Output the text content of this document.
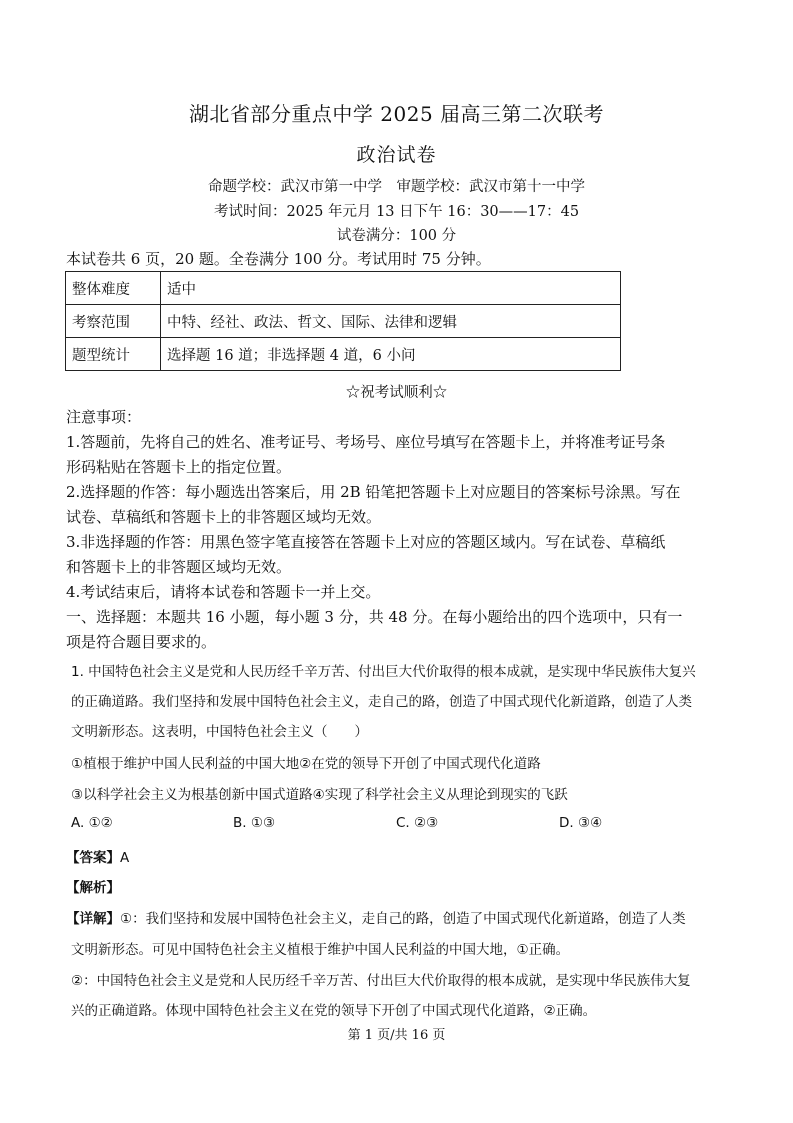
湖北省部分重点中学 2025 届高三第二次联考
政治试卷
命题学校：武汉市第一中学　审题学校：武汉市第十一中学
考试时间：2025 年元月 13 日下午 16：30——17：45
试卷满分：100 分
本试卷共 6 页，20 题。全卷满分 100 分。考试用时 75 分钟。
整体难度	适中
考察范围	中特、经社、政法、哲文、国际、法律和逻辑
题型统计	选择题 16 道；非选择题 4 道，6 小问
☆祝考试顺利☆
注意事项：
1.答题前，先将自己的姓名、准考证号、考场号、座位号填写在答题卡上，并将准考证号条
形码粘贴在答题卡上的指定位置。
2.选择题的作答：每小题选出答案后，用 2B 铅笔把答题卡上对应题目的答案标号涂黑。写在
试卷、草稿纸和答题卡上的非答题区域均无效。
3.非选择题的作答：用黑色签字笔直接答在答题卡上对应的答题区域内。写在试卷、草稿纸
和答题卡上的非答题区域均无效。
4.考试结束后，请将本试卷和答题卡一并上交。
一、选择题：本题共 16 小题，每小题 3 分，共 48 分。在每小题给出的四个选项中，只有一
项是符合题目要求的。
1. 中国特色社会主义是党和人民历经千辛万苦、付出巨大代价取得的根本成就，是实现中华民族伟大复兴
的正确道路。我们坚持和发展中国特色社会主义，走自己的路，创造了中国式现代化新道路，创造了人类
文明新形态。这表明，中国特色社会主义（　　）
①植根于维护中国人民利益的中国大地②在党的领导下开创了中国式现代化道路
③以科学社会主义为根基创新中国式道路④实现了科学社会主义从理论到现实的飞跃
A. ①②	B. ①③	C. ②③	D. ③④
【答案】A
【解析】
【详解】①：我们坚持和发展中国特色社会主义，走自己的路，创造了中国式现代化新道路，创造了人类
文明新形态。可见中国特色社会主义植根于维护中国人民利益的中国大地，①正确。
②：中国特色社会主义是党和人民历经千辛万苦、付出巨大代价取得的根本成就，是实现中华民族伟大复
兴的正确道路。体现中国特色社会主义在党的领导下开创了中国式现代化道路，②正确。
第 1 页/共 16 页
